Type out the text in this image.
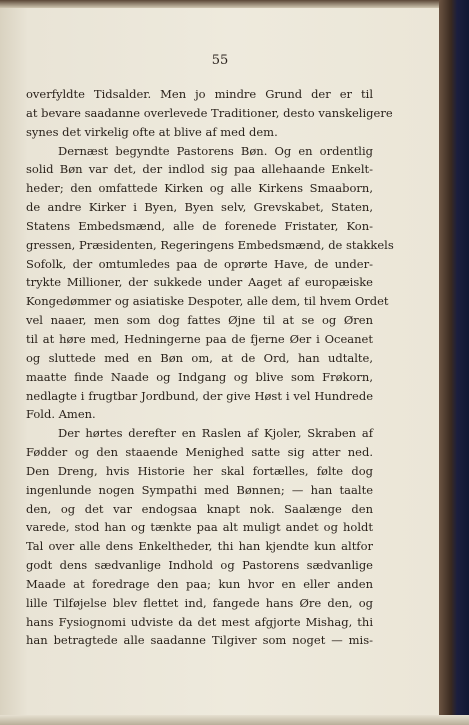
55
overfyldte Tidsalder. Men jo mindre Grund der er til
at bevare saadanne overlevede Traditioner, desto vanskeligere
synes det virkelig ofte at blive af med dem.
Dernæst begyndte Pastorens Bøn. Og en ordentlig
solid Bøn var det, der indlod sig paa allehaande Enkelt-
heder; den omfattede Kirken og alle Kirkens Smaaborn,
de andre Kirker i Byen, Byen selv, Grevskabet, Staten,
Statens Embedsmænd, alle de forenede Fristater, Kon-
gressen, Præsidenten, Regeringens Embedsmænd, de stakkels
Sofolk, der omtumledes paa de oprørte Have, de under-
trykte Millioner, der sukkede under Aaget af europæiske
Kongedømmer og asiatiske Despoter, alle dem, til hvem Ordet
vel naaer, men som dog fattes Øjne til at se og Øren
til at høre med, Hedningerne paa de fjerne Øer i Oceanet
og sluttede med en Bøn om, at de Ord, han udtalte,
maatte finde Naade og Indgang og blive som Frøkorn,
nedlagte i frugtbar Jordbund, der give Høst i vel Hundrede
Fold. Amen.
Der hørtes derefter en Raslen af Kjoler, Skraben af
Fødder og den staaende Menighed satte sig atter ned.
Den Dreng, hvis Historie her skal fortælles, følte dog
ingenlunde nogen Sympathi med Bønnen; — han taalte
den, og det var endogsaa knapt nok. Saalænge den
varede, stod han og tænkte paa alt muligt andet og holdt
Tal over alle dens Enkeltheder, thi han kjendte kun altfor
godt dens sædvanlige Indhold og Pastorens sædvanlige
Maade at foredrage den paa; kun hvor en eller anden
lille Tilføjelse blev flettet ind, fangede hans Øre den, og
hans Fysiognomi udviste da det mest afgjorte Mishag, thi
han betragtede alle saadanne Tilgiver som noget — mis-
